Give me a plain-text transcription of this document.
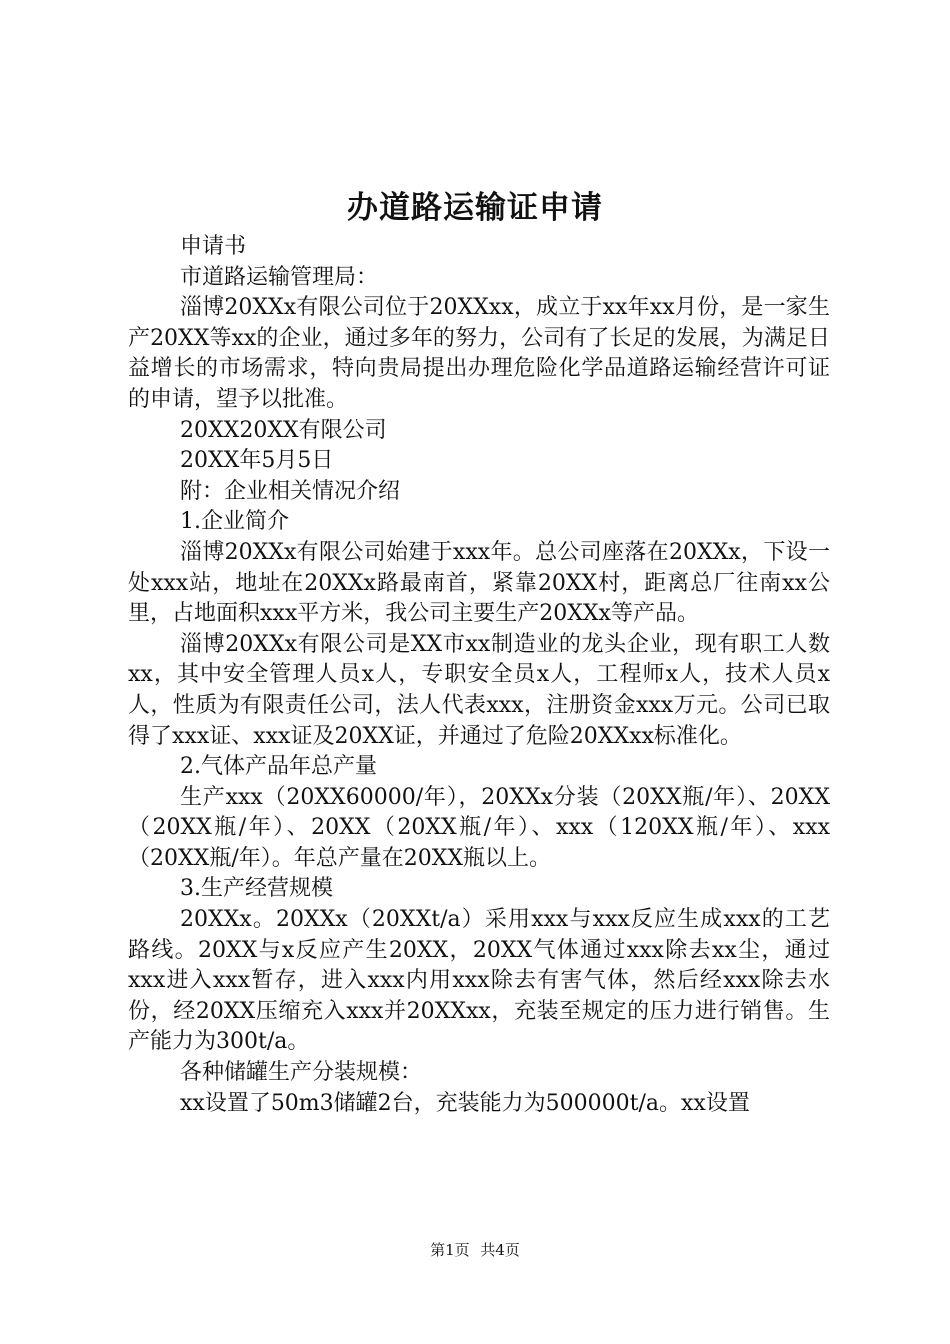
办道路运输证申请

申请书

市道路运输管理局：

淄博20XXx有限公司位于20XXxx，成立于xx年xx月份，是一家生产20XX等xx的企业，通过多年的努力，公司有了长足的发展，为满足日益增长的市场需求，特向贵局提出办理危险化学品道路运输经营许可证的申请，望予以批准。

20XX20XX有限公司

20XX年5月5日

附：企业相关情况介绍

1.企业简介

淄博20XXx有限公司始建于xxx年。总公司座落在20XXx，下设一处xxx站，地址在20XXx路最南首，紧靠20XX村，距离总厂往南xx公里，占地面积xxx平方米，我公司主要生产20XXx等产品。

淄博20XXx有限公司是XX市xx制造业的龙头企业，现有职工人数xx，其中安全管理人员x人，专职安全员x人，工程师x人，技术人员x人，性质为有限责任公司，法人代表xxx，注册资金xxx万元。公司已取得了xxx证、xxx证及20XX证，并通过了危险20XXxx标准化。

2.气体产品年总产量

生产xxx（20XX60000/年），20XXx分装（20XX瓶/年）、20XX（20XX瓶/年）、20XX（20XX瓶/年）、xxx（120XX瓶/年）、xxx（20XX瓶/年）。年总产量在20XX瓶以上。

3.生产经营规模

20XXx。20XXx（20XXt/a）采用xxx与xxx反应生成xxx的工艺路线。20XX与x反应产生20XX，20XX气体通过xxx除去xx尘，通过xxx进入xxx暂存，进入xxx内用xxx除去有害气体，然后经xxx除去水份，经20XX压缩充入xxx并20XXxx，充装至规定的压力进行销售。生产能力为300t/a。

各种储罐生产分装规模：

xx设置了50m3储罐2台，充装能力为500000t/a。xx设置

第1页 共4页
